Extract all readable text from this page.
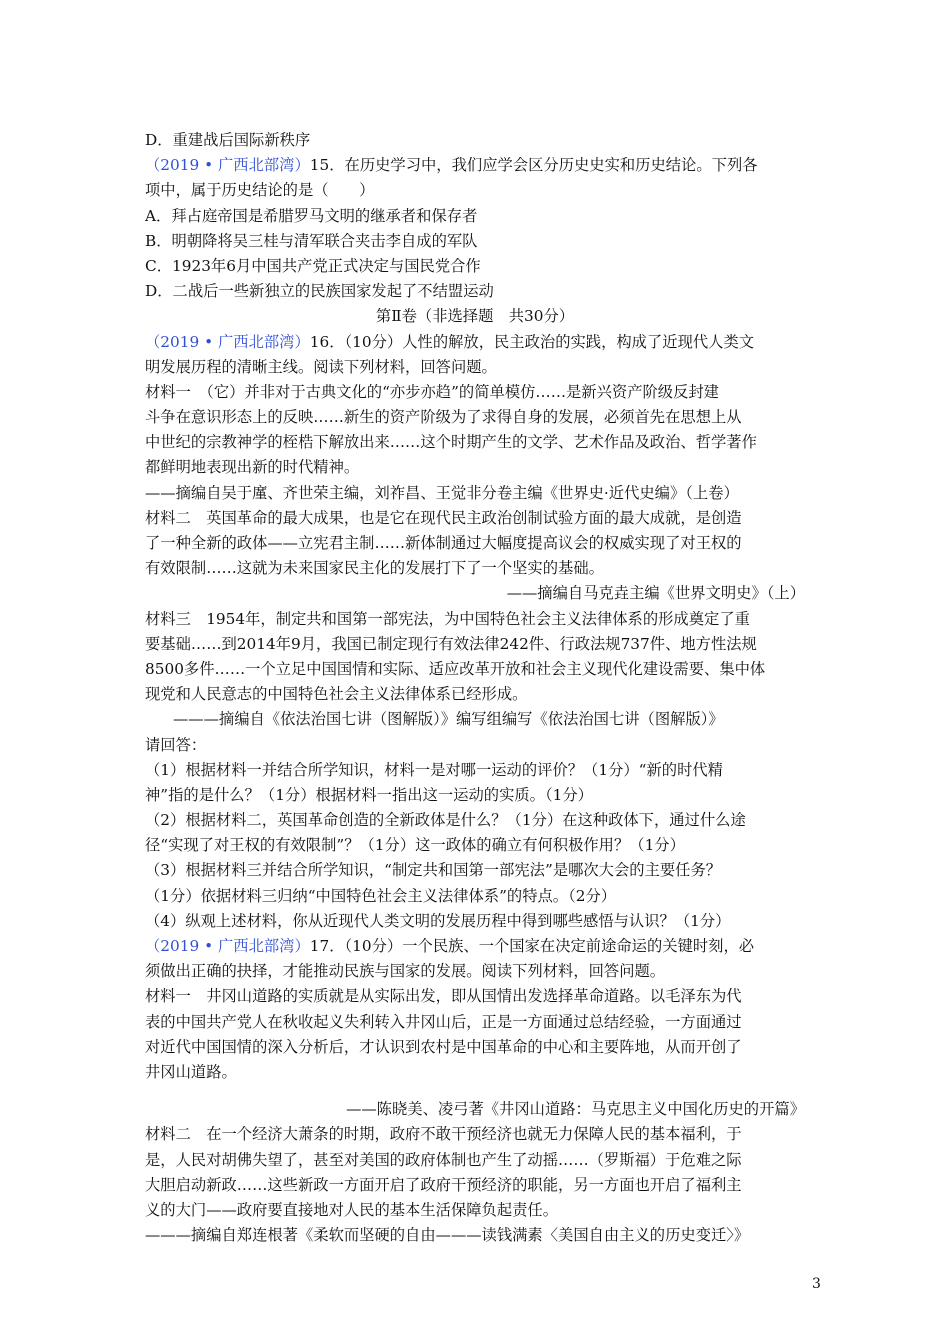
D．重建战后国际新秩序
（2019 • 广西北部湾）15．在历史学习中，我们应学会区分历史史实和历史结论。下列各
项中，属于历史结论的是（　　）
A．拜占庭帝国是希腊罗马文明的继承者和保存者
B．明朝降将吴三桂与清军联合夹击李自成的军队
C．1923年6月中国共产党正式决定与国民党合作
D．二战后一些新独立的民族国家发起了不结盟运动
第Ⅱ卷（非选择题　共30分）
（2019 • 广西北部湾）16．（10分）人性的解放，民主政治的实践，构成了近现代人类文
明发展历程的清晰主线。阅读下列材料，回答问题。
材料一　（它）并非对于古典文化的“亦步亦趋”的简单模仿……是新兴资产阶级反封建
斗争在意识形态上的反映……新生的资产阶级为了求得自身的发展，必须首先在思想上从
中世纪的宗教神学的桎梏下解放出来……这个时期产生的文学、艺术作品及政治、哲学著作
都鲜明地表现出新的时代精神。
——摘编自吴于廑、齐世荣主编，刘祚昌、王觉非分卷主编《世界史·近代史编》（上卷）
材料二　英国革命的最大成果，也是它在现代民主政治创制试验方面的最大成就，是创造
了一种全新的政体——立宪君主制……新体制通过大幅度提高议会的权威实现了对王权的
有效限制……这就为未来国家民主化的发展打下了一个坚实的基础。
——摘编自马克垚主编《世界文明史》（上）
材料三　1954年，制定共和国第一部宪法，为中国特色社会主义法律体系的形成奠定了重
要基础……到2014年9月，我国已制定现行有效法律242件、行政法规737件、地方性法规
8500多件……一个立足中国国情和实际、适应改革开放和社会主义现代化建设需要、集中体
现党和人民意志的中国特色社会主义法律体系已经形成。
———摘编自《依法治国七讲（图解版）》编写组编写《依法治国七讲（图解版）》
请回答：
（1）根据材料一并结合所学知识，材料一是对哪一运动的评价？（1分）“新的时代精
神”指的是什么？（1分）根据材料一指出这一运动的实质。（1分）
（2）根据材料二，英国革命创造的全新政体是什么？（1分）在这种政体下，通过什么途
径“实现了对王权的有效限制”？（1分）这一政体的确立有何积极作用？（1分）
（3）根据材料三并结合所学知识，“制定共和国第一部宪法”是哪次大会的主要任务？
（1分）依据材料三归纳“中国特色社会主义法律体系”的特点。（2分）
（4）纵观上述材料，你从近现代人类文明的发展历程中得到哪些感悟与认识？（1分）
（2019 • 广西北部湾）17．（10分）一个民族、一个国家在决定前途命运的关键时刻，必
须做出正确的抉择，才能推动民族与国家的发展。阅读下列材料，回答问题。
材料一　井冈山道路的实质就是从实际出发，即从国情出发选择革命道路。以毛泽东为代
表的中国共产党人在秋收起义失利转入井冈山后，正是一方面通过总结经验，一方面通过
对近代中国国情的深入分析后，才认识到农村是中国革命的中心和主要阵地，从而开创了
井冈山道路。
——陈晓美、凌弓著《井冈山道路：马克思主义中国化历史的开篇》
材料二　在一个经济大萧条的时期，政府不敢干预经济也就无力保障人民的基本福利，于
是，人民对胡佛失望了，甚至对美国的政府体制也产生了动摇……（罗斯福）于危难之际
大胆启动新政……这些新政一方面开启了政府干预经济的职能，另一方面也开启了福利主
义的大门——政府要直接地对人民的基本生活保障负起责任。
———摘编自郑连根著《柔软而坚硬的自由———读钱满素〈美国自由主义的历史变迁〉》
3
